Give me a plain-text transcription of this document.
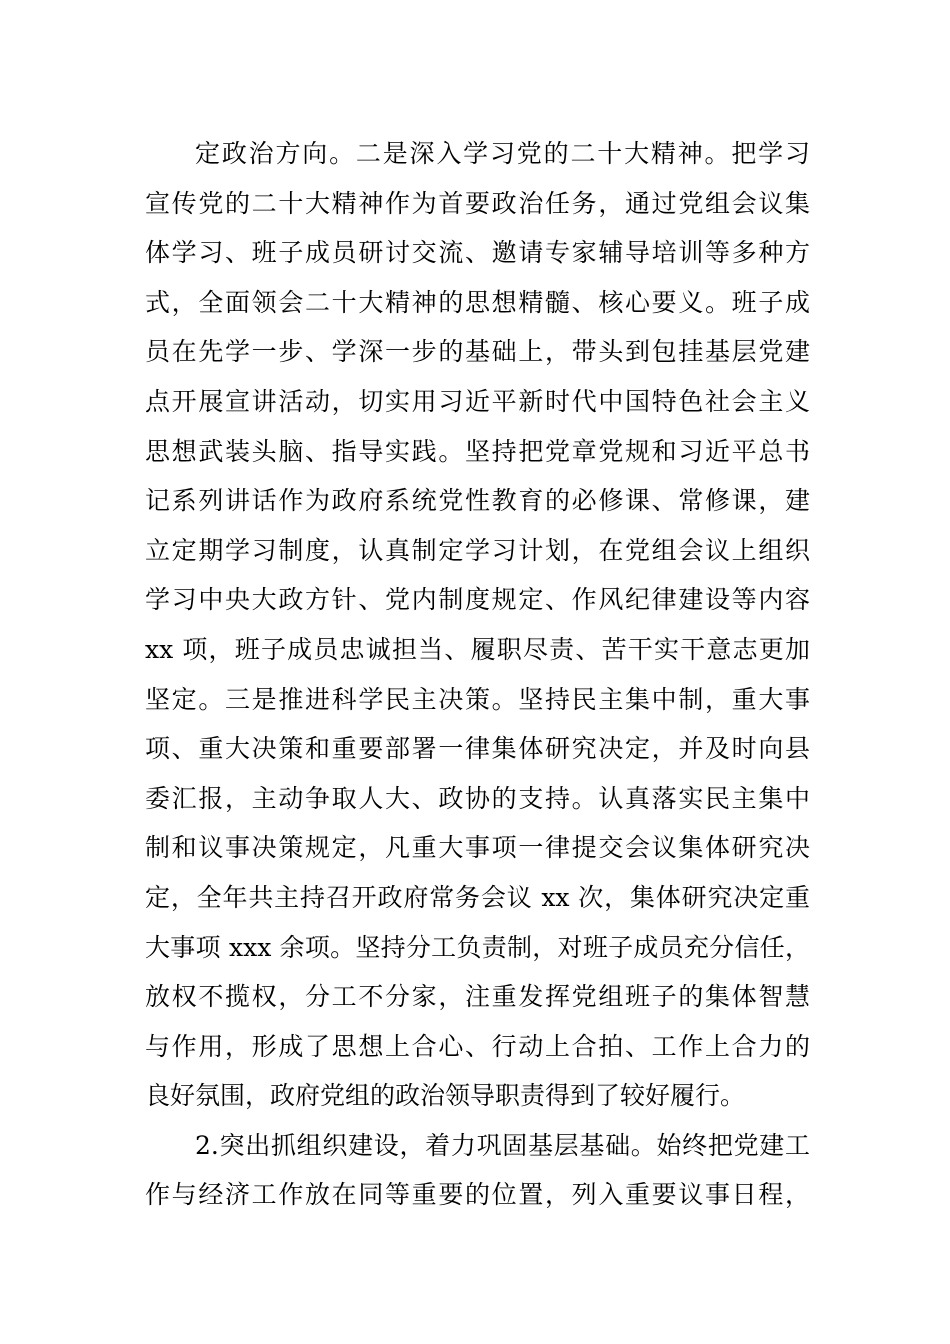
定政治方向。二是深入学习党的二十大精神。把学习
宣传党的二十大精神作为首要政治任务，通过党组会议集
体学习、班子成员研讨交流、邀请专家辅导培训等多种方
式，全面领会二十大精神的思想精髓、核心要义。班子成
员在先学一步、学深一步的基础上，带头到包挂基层党建
点开展宣讲活动，切实用习近平新时代中国特色社会主义
思想武装头脑、指导实践。坚持把党章党规和习近平总书
记系列讲话作为政府系统党性教育的必修课、常修课，建
立定期学习制度，认真制定学习计划，在党组会议上组织
学习中央大政方针、党内制度规定、作风纪律建设等内容
xx 项，班子成员忠诚担当、履职尽责、苦干实干意志更加
坚定。三是推进科学民主决策。坚持民主集中制，重大事
项、重大决策和重要部署一律集体研究决定，并及时向县
委汇报，主动争取人大、政协的支持。认真落实民主集中
制和议事决策规定，凡重大事项一律提交会议集体研究决
定，全年共主持召开政府常务会议 xx 次，集体研究决定重
大事项 xxx 余项。坚持分工负责制，对班子成员充分信任，
放权不揽权，分工不分家，注重发挥党组班子的集体智慧
与作用，形成了思想上合心、行动上合拍、工作上合力的
良好氛围，政府党组的政治领导职责得到了较好履行。
2.突出抓组织建设，着力巩固基层基础。始终把党建工
作与经济工作放在同等重要的位置，列入重要议事日程，
